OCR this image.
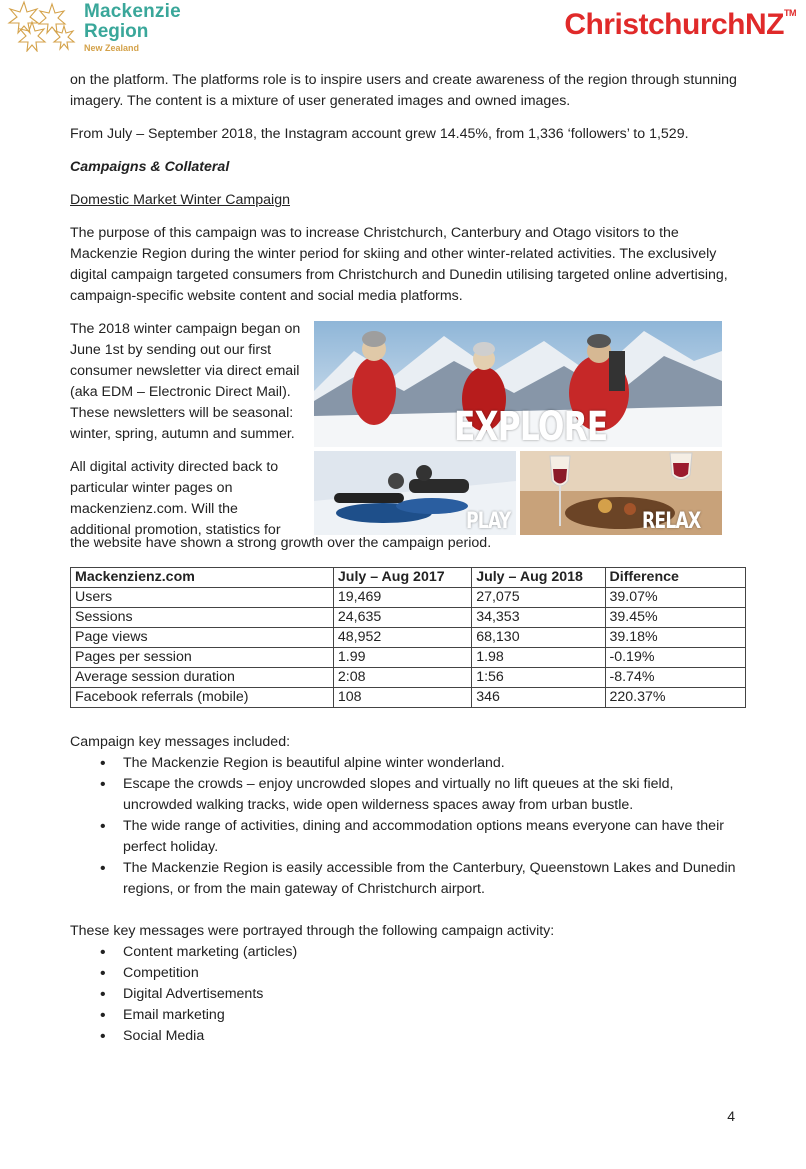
Mackenzie
Region
New Zealand
ChristchurchNZ™

on the platform. The platforms role is to inspire users and create awareness of the region through stunning imagery. The content is a mixture of user generated images and owned images.

From July – September 2018, the Instagram account grew 14.45%, from 1,336 ‘followers’ to 1,529.

Campaigns & Collateral

Domestic Market Winter Campaign

The purpose of this campaign was to increase Christchurch, Canterbury and Otago visitors to the Mackenzie Region during the winter period for skiing and other winter-related activities. The exclusively digital campaign targeted consumers from Christchurch and Dunedin utilising targeted online advertising, campaign-specific website content and social media platforms.

The 2018 winter campaign began on June 1st by sending out our first consumer newsletter via direct email (aka EDM – Electronic Direct Mail). These newsletters will be seasonal: winter, spring, autumn and summer.

All digital activity directed back to particular winter pages on mackenzienz.com. Will the additional promotion, statistics for

EXPLORE
PLAY	RELAX

the website have shown a strong growth over the campaign period.

Mackenzienz.com	July – Aug 2017	July – Aug 2018	Difference
Users	19,469	27,075	39.07%
Sessions	24,635	34,353	39.45%
Page views	48,952	68,130	39.18%
Pages per session	1.99	1.98	-0.19%
Average session duration	2:08	1:56	-8.74%
Facebook referrals (mobile)	108	346	220.37%

Campaign key messages included:

• The Mackenzie Region is beautiful alpine winter wonderland.
• Escape the crowds – enjoy uncrowded slopes and virtually no lift queues at the ski field, uncrowded walking tracks, wide open wilderness spaces away from urban bustle.
• The wide range of activities, dining and accommodation options means everyone can have their perfect holiday.
• The Mackenzie Region is easily accessible from the Canterbury, Queenstown Lakes and Dunedin regions, or from the main gateway of Christchurch airport.

These key messages were portrayed through the following campaign activity:

• Content marketing (articles)
• Competition
• Digital Advertisements
• Email marketing
• Social Media
4
